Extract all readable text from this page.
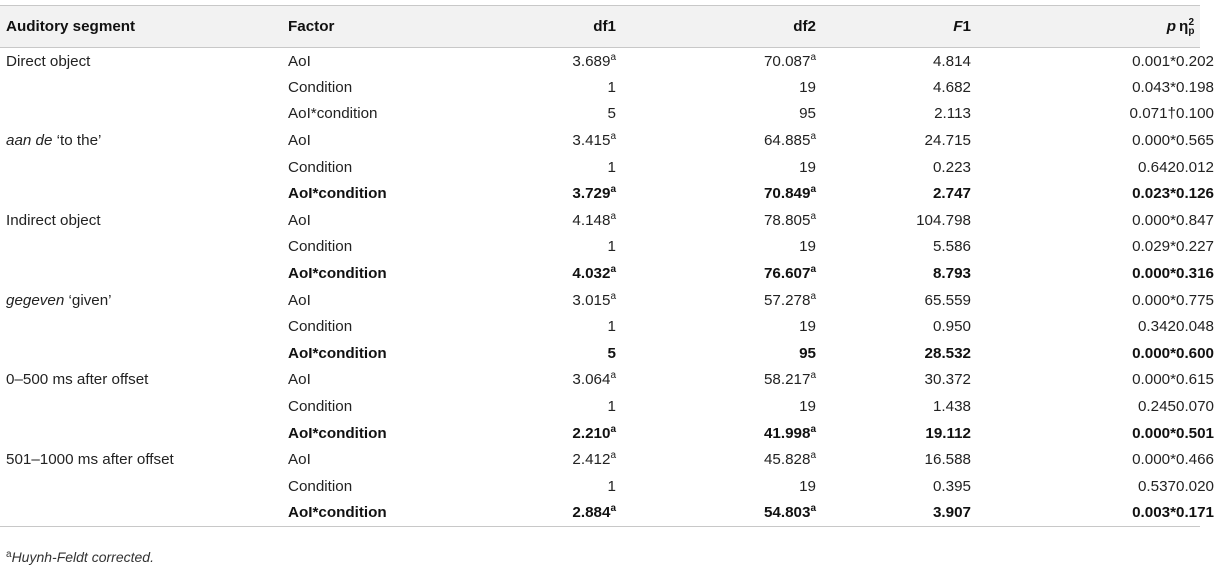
Auditory segment	Factor	df1	df2	F1	p	$\eta_p^2$
Direct object	AoI	3.689$^a$	70.087$^a$	4.814	0.001*	0.202
	Condition	1	19	4.682	0.043*	0.198
	AoI*condition	5	95	2.113	0.071†	0.100
aan de ‘to the’	AoI	3.415$^a$	64.885$^a$	24.715	0.000*	0.565
	Condition	1	19	0.223	0.642	0.012
	AoI*condition	3.729$^a$	70.849$^a$	2.747	0.023*	0.126
Indirect object	AoI	4.148$^a$	78.805$^a$	104.798	0.000*	0.847
	Condition	1	19	5.586	0.029*	0.227
	AoI*condition	4.032$^a$	76.607$^a$	8.793	0.000*	0.316
gegeven ‘given’	AoI	3.015$^a$	57.278$^a$	65.559	0.000*	0.775
	Condition	1	19	0.950	0.342	0.048
	AoI*condition	5	95	28.532	0.000*	0.600
0–500 ms after offset	AoI	3.064$^a$	58.217$^a$	30.372	0.000*	0.615
	Condition	1	19	1.438	0.245	0.070
	AoI*condition	2.210$^a$	41.998$^a$	19.112	0.000*	0.501
501–1000 ms after offset	AoI	2.412$^a$	45.828$^a$	16.588	0.000*	0.466
	Condition	1	19	0.395	0.537	0.020
	AoI*condition	2.884$^a$	54.803$^a$	3.907	0.003*	0.171
$^a$Huynh-Feldt corrected.
